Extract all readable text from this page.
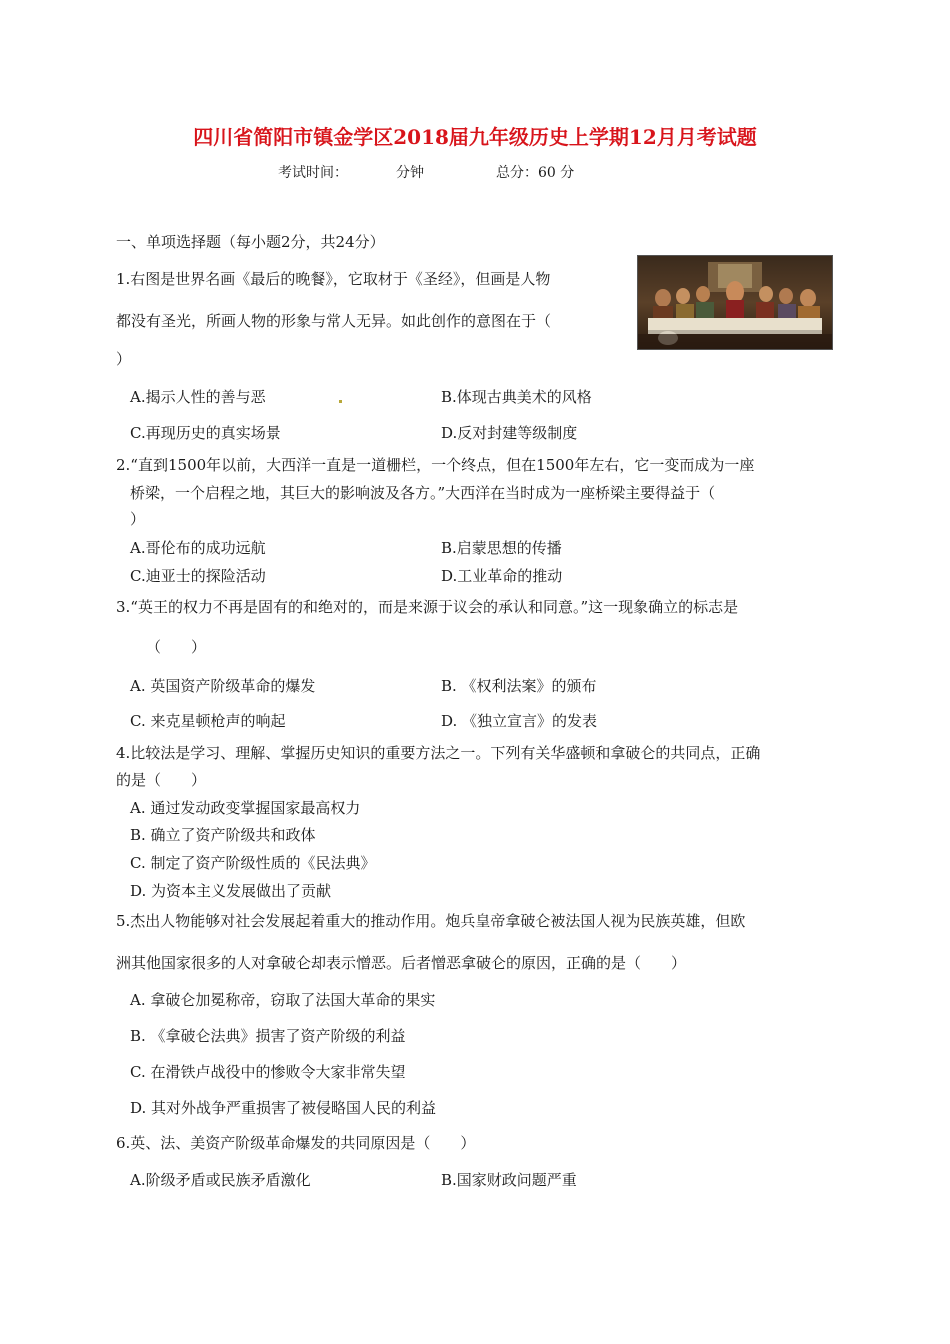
四川省简阳市镇金学区2018届九年级历史上学期12月月考试题
考试时间：	分钟	总分：60 分
一、单项选择题（每小题2分，共24分）
1.右图是世界名画《最后的晚餐》，它取材于《圣经》，但画是人物
都没有圣光，所画人物的形象与常人无异。如此创作的意图在于（
）
A.揭示人性的善与恶	B.体现古典美术的风格
C.再现历史的真实场景	D.反对封建等级制度
2.“直到1500年以前，大西洋一直是一道栅栏，一个终点，但在1500年左右，它一变而成为一座
桥梁，一个启程之地，其巨大的影响波及各方。”大西洋在当时成为一座桥梁主要得益于（
）
A.哥伦布的成功远航	B.启蒙思想的传播
C.迪亚士的探险活动	D.工业革命的推动
3.“英王的权力不再是固有的和绝对的，而是来源于议会的承认和同意。”这一现象确立的标志是
（　　）
A. 英国资产阶级革命的爆发	B. 《权利法案》的颁布
C. 来克星顿枪声的响起	D. 《独立宣言》的发表
4.比较法是学习、理解、掌握历史知识的重要方法之一。下列有关华盛顿和拿破仑的共同点，正确
的是（　　）
A. 通过发动政变掌握国家最高权力
B. 确立了资产阶级共和政体
C. 制定了资产阶级性质的《民法典》
D. 为资本主义发展做出了贡献
5.杰出人物能够对社会发展起着重大的推动作用。炮兵皇帝拿破仑被法国人视为民族英雄，但欧
洲其他国家很多的人对拿破仑却表示憎恶。后者憎恶拿破仑的原因，正确的是（　　）
A. 拿破仑加冕称帝，窃取了法国大革命的果实
B. 《拿破仑法典》损害了资产阶级的利益
C. 在滑铁卢战役中的惨败令大家非常失望
D. 其对外战争严重损害了被侵略国人民的利益
6.英、法、美资产阶级革命爆发的共同原因是（　　）
A.阶级矛盾或民族矛盾激化	B.国家财政问题严重
